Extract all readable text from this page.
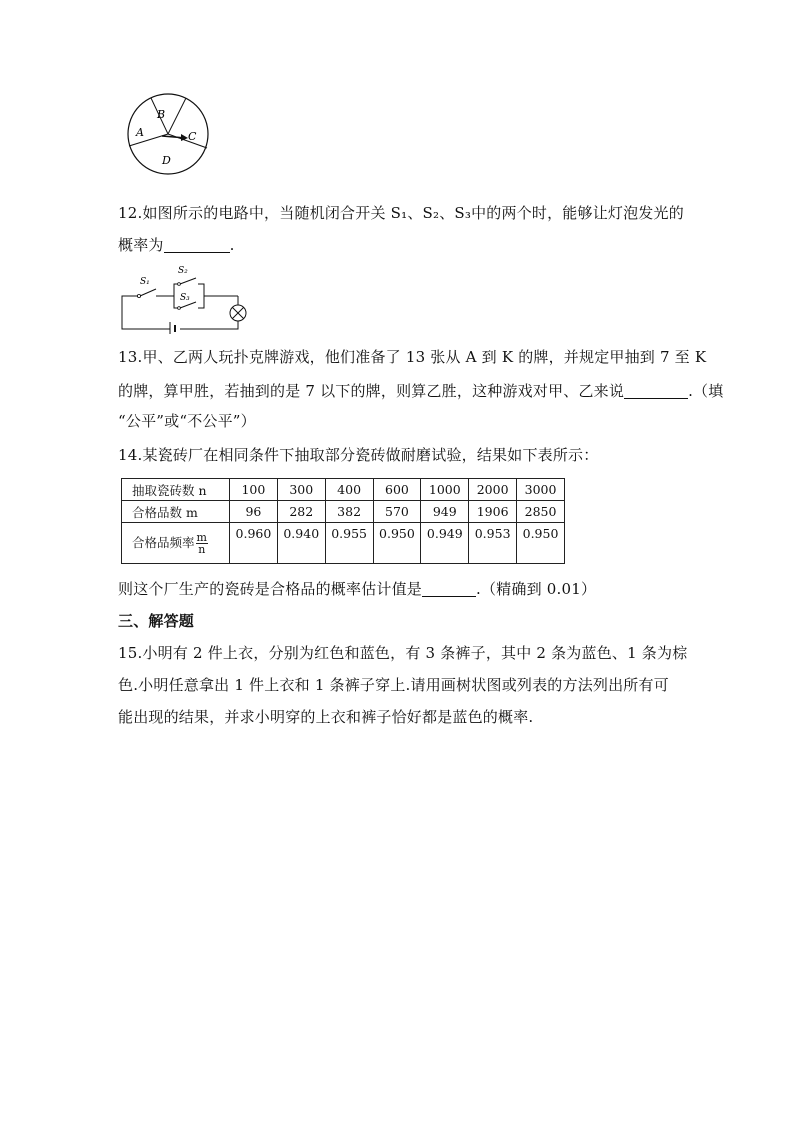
A
B
C
D
12.如图所示的电路中，当随机闭合开关 S₁、S₂、S₃中的两个时，能够让灯泡发光的
概率为	.
S₁
S₂
S₃
13.甲、乙两人玩扑克牌游戏，他们准备了 13 张从 A 到 K 的牌，并规定甲抽到 7 至 K
的牌，算甲胜，若抽到的是 7 以下的牌，则算乙胜，这种游戏对甲、乙来说	.（填
“公平”或“不公平”）
14.某瓷砖厂在相同条件下抽取部分瓷砖做耐磨试验，结果如下表所示：
抽取瓷砖数 n	100	300	400	600	1000	2000	3000
合格品数 m	96	282	382	570	949	1906	2850
合格品频率 $\frac{m}{n}$	0.960	0.940	0.955	0.950	0.949	0.953	0.950
则这个厂生产的瓷砖是合格品的概率估计值是	.（精确到 0.01）
三、解答题
15.小明有 2 件上衣，分别为红色和蓝色，有 3 条裤子，其中 2 条为蓝色、1 条为棕
色.小明任意拿出 1 件上衣和 1 条裤子穿上.请用画树状图或列表的方法列出所有可
能出现的结果，并求小明穿的上衣和裤子恰好都是蓝色的概率.
